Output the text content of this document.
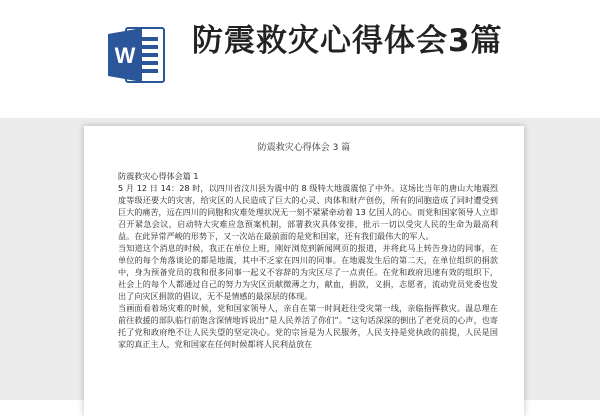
W 防震救灾心得体会3篇
防震救灾心得体会 3 篇

防震救灾心得体会篇 1

5 月 12 日 14：28 时，以四川省汶川县为震中的 8 级特大地震震惊了中外。这场比当年的唐山大地震烈度等级还要大的灾害，给灾区的人民造成了巨大的心灵、肉体和财产创伤，所有的同胞造成了同时遭受到巨大的痛苦，远在四川的同胞和灾难处理状况无一刻不紧紧牵动着 13 亿国人的心。而党和国家领导人立即召开紧急会议，启动特大灾难应急预案机制，部署救灾具体安排，批示一切以受灾人民的生命为最高利益。在此异常严峻的形势下，又一次站在最前面的是党和国家，还有我们最伟大的军人。

当知道这个消息的时候，我正在单位上班，刚好浏览到新闻网页的报道，并将此马上转告身边的同事，在单位的每个角落谈论的都是地震，其中不乏家在四川的同事。在地震发生后的第二天，在单位组织的捐款中，身为预备党员的我和很多同事一起义不容辞的为灾区尽了一点责任。在党和政府迅速有效的组织下，社会上的每个人都通过自己的努力为灾区贡献微薄之力，献血，捐款，义捐，志愿者，流动党员党委也发出了向灾区捐款的倡议，无不是情感的最深层的体现。

当画面看着场灾难的时候，党和国家领导人，亲自在第一时间赶往受灾第一线，亲临指挥救灾。温总理在前往救援的部队临行前饱含深情地诉说出“是人民养活了你们”。“这句话深深的倒出了老党员的心声，也寄托了党和政府绝不让人民失望的坚定决心。党的宗旨是为人民服务，人民支持是党执政的前提，人民是国家的真正主人，党和国家在任何时候都将人民利益放在
